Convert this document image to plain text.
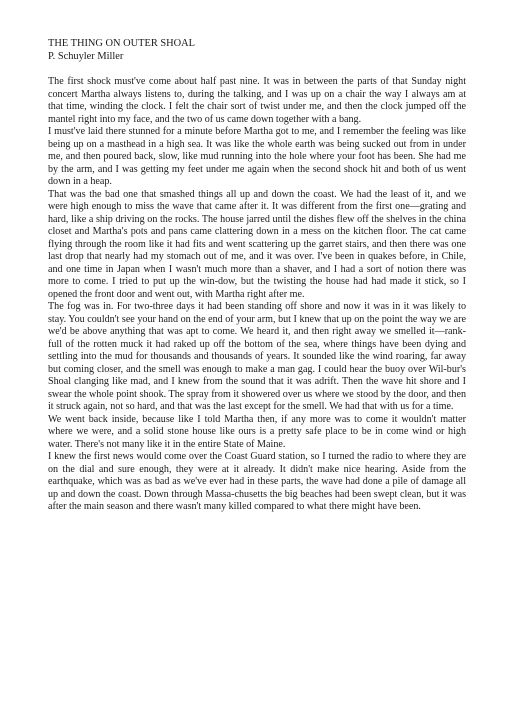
THE THING ON OUTER SHOAL

P. Schuyler Miller

The first shock must've come about half past nine. It was in between the parts of that Sunday night concert Martha always listens to, during the talking, and I was up on a chair the way I always am at that time, winding the clock. I felt the chair sort of twist under me, and then the clock jumped off the mantel right into my face, and the two of us came down together with a bang.

I must've laid there stunned for a minute before Martha got to me, and I remember the feeling was like being up on a masthead in a high sea. It was like the whole earth was being sucked out from in under me, and then poured back, slow, like mud running into the hole where your foot has been. She had me by the arm, and I was getting my feet under me again when the second shock hit and both of us went down in a heap.

That was the bad one that smashed things all up and down the coast. We had the least of it, and we were high enough to miss the wave that came after it. It was different from the first one—grating and hard, like a ship driving on the rocks. The house jarred until the dishes flew off the shelves in the china closet and Martha's pots and pans came clattering down in a mess on the kitchen floor. The cat came flying through the room like it had fits and went scattering up the garret stairs, and then there was one last drop that nearly had my stomach out of me, and it was over. I've been in quakes before, in Chile, and one time in Japan when I wasn't much more than a shaver, and I had a sort of notion there was more to come. I tried to put up the win-dow, but the twisting the house had had made it stick, so I opened the front door and went out, with Martha right after me.

The fog was in. For two-three days it had been standing off shore and now it was in it was likely to stay. You couldn't see your hand on the end of your arm, but I knew that up on the point the way we are we'd be above anything that was apt to come. We heard it, and then right away we smelled it—rank-full of the rotten muck it had raked up off the bottom of the sea, where things have been dying and settling into the mud for thousands and thousands of years. It sounded like the wind roaring, far away but coming closer, and the smell was enough to make a man gag. I could hear the buoy over Wil-bur's Shoal clanging like mad, and I knew from the sound that it was adrift. Then the wave hit shore and I swear the whole point shook. The spray from it showered over us where we stood by the door, and then it struck again, not so hard, and that was the last except for the smell. We had that with us for a time.

We went back inside, because like I told Martha then, if any more was to come it wouldn't matter where we were, and a solid stone house like ours is a pretty safe place to be in come wind or high water. There's not many like it in the entire State of Maine.

I knew the first news would come over the Coast Guard station, so I turned the radio to where they are on the dial and sure enough, they were at it already. It didn't make nice hearing. Aside from the earthquake, which was as bad as we've ever had in these parts, the wave had done a pile of damage all up and down the coast. Down through Massa-chusetts the big beaches had been swept clean, but it was after the main season and there wasn't many killed compared to what there might have been.
